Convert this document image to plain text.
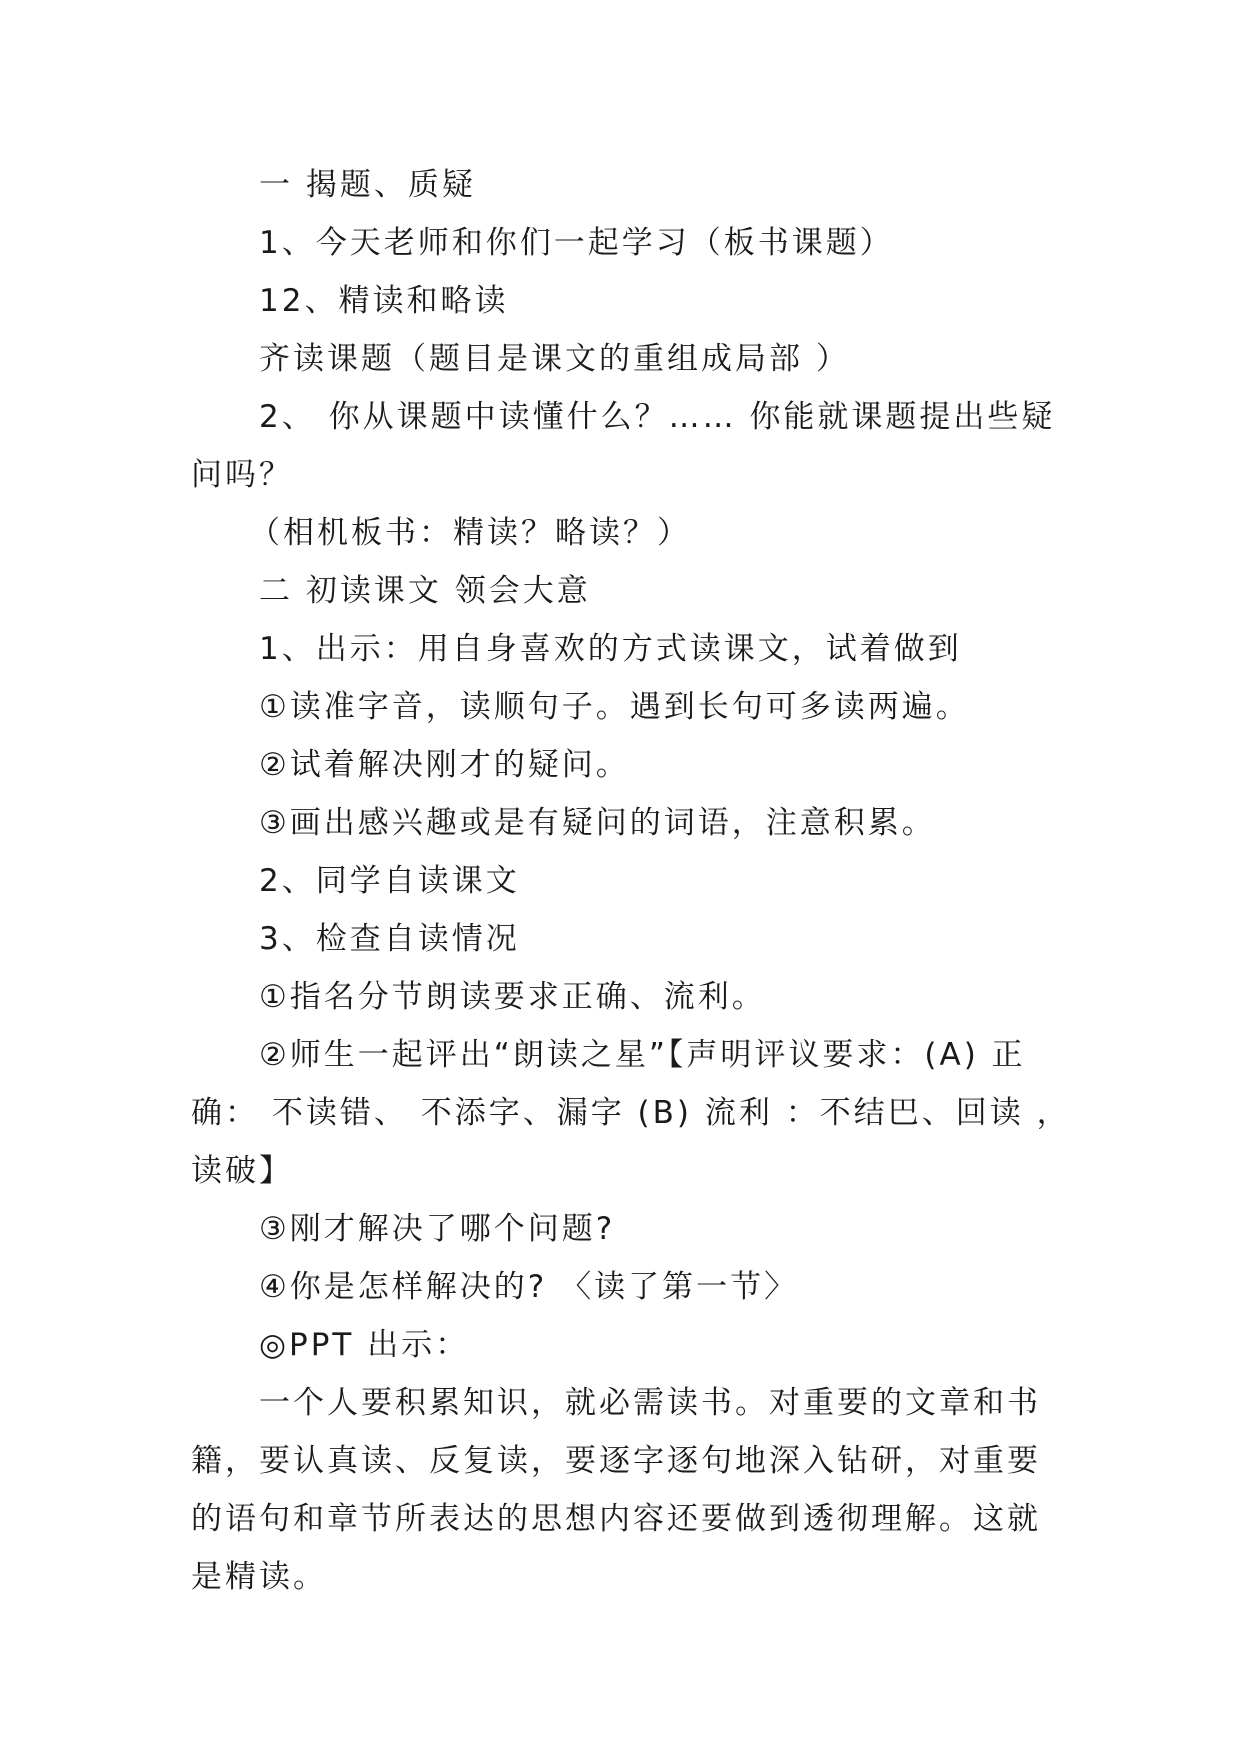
一 揭题、质疑

1、今天老师和你们一起学习（板书课题）

12、精读和略读

齐读课题（题目是课文的重组成局部 ）

2、 你从课题中读懂什么？…… 你能就课题提出些疑问吗？

（相机板书：精读？略读？）

二 初读课文 领会大意

1、出示：用自身喜欢的方式读课文，试着做到

①读准字音，读顺句子。遇到长句可多读两遍。

②试着解决刚才的疑问。

③画出感兴趣或是有疑问的词语，注意积累。

2、同学自读课文

3、检查自读情况

①指名分节朗读要求正确、流利。

②师生一起评出“朗读之星”【声明评议要求：(A) 正确： 不读错、 不添字、漏字 (B) 流利 ：不结巴、回读 ，读破】

③刚才解决了哪个问题?

④你是怎样解决的? 〈读了第一节〉

◎PPT 出示：

一个人要积累知识，就必需读书。对重要的文章和书籍，要认真读、反复读，要逐字逐句地深入钻研，对重要的语句和章节所表达的思想内容还要做到透彻理解。这就是精读。
